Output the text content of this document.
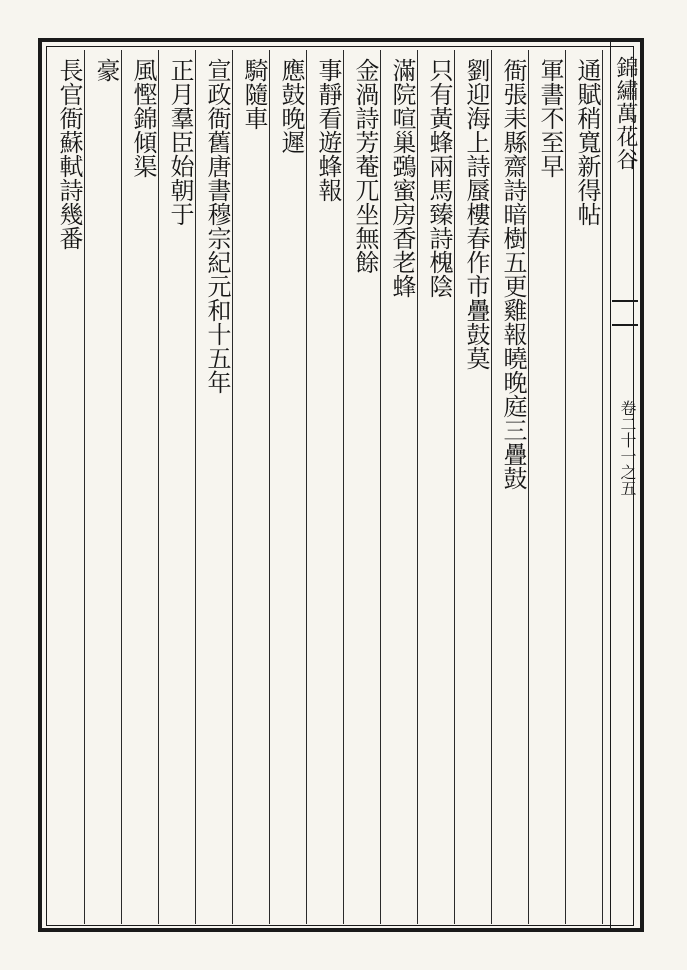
錦繡萬花谷
卷二十一之五
通賦稍寬新得帖
軍書不至早
衙張耒縣齋詩暗樹五更雞報曉晚庭三疊鼓
劉迎海上詩蜃樓春作市疊鼓莫
只有黃蜂兩馬臻詩槐陰
滿院喧巢鵶蜜房香老蜂
金渦詩芳菴兀坐無餘
事靜看遊蜂報
應鼓晚遲
騎隨車
宣政衙舊唐書穆宗紀元和十五年
正月羣臣始朝于
風慳錦傾渠
豪
長官衙蘇軾詩幾番
